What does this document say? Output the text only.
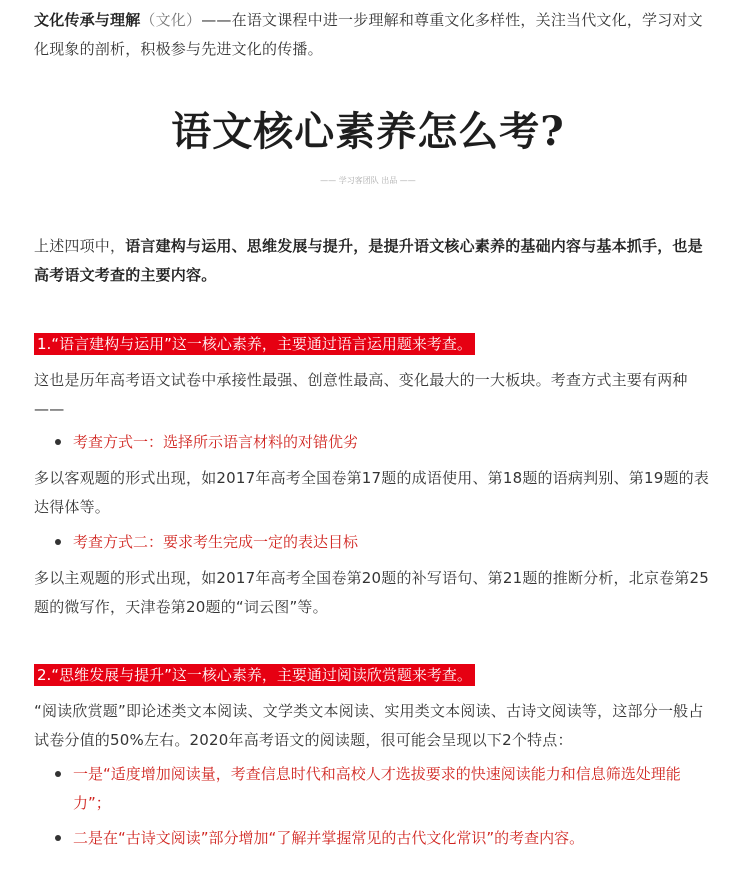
文化传承与理解（文化）——在语文课程中进一步理解和尊重文化多样性，关注当代文化，学习对文化现象的剖析，积极参与先进文化的传播。

语文核心素养怎么考?
—— 学习客团队 出品 ——

上述四项中，语言建构与运用、思维发展与提升，是提升语文核心素养的基础内容与基本抓手，也是高考语文考查的主要内容。

1.“语言建构与运用”这一核心素养，主要通过语言运用题来考查。

这也是历年高考语文试卷中承接性最强、创意性最高、变化最大的一大板块。考查方式主要有两种——

考查方式一：选择所示语言材料的对错优劣

多以客观题的形式出现，如2017年高考全国卷第17题的成语使用、第18题的语病判别、第19题的表达得体等。

考查方式二：要求考生完成一定的表达目标

多以主观题的形式出现，如2017年高考全国卷第20题的补写语句、第21题的推断分析，北京卷第25题的微写作，天津卷第20题的“词云图”等。

2.“思维发展与提升”这一核心素养，主要通过阅读欣赏题来考查。

“阅读欣赏题”即论述类文本阅读、文学类文本阅读、实用类文本阅读、古诗文阅读等，这部分一般占试卷分值的50%左右。2020年高考语文的阅读题，很可能会呈现以下2个特点：

一是“适度增加阅读量，考查信息时代和高校人才选拔要求的快速阅读能力和信息筛选处理能力”；
二是在“古诗文阅读”部分增加“了解并掌握常见的古代文化常识”的考查内容。
